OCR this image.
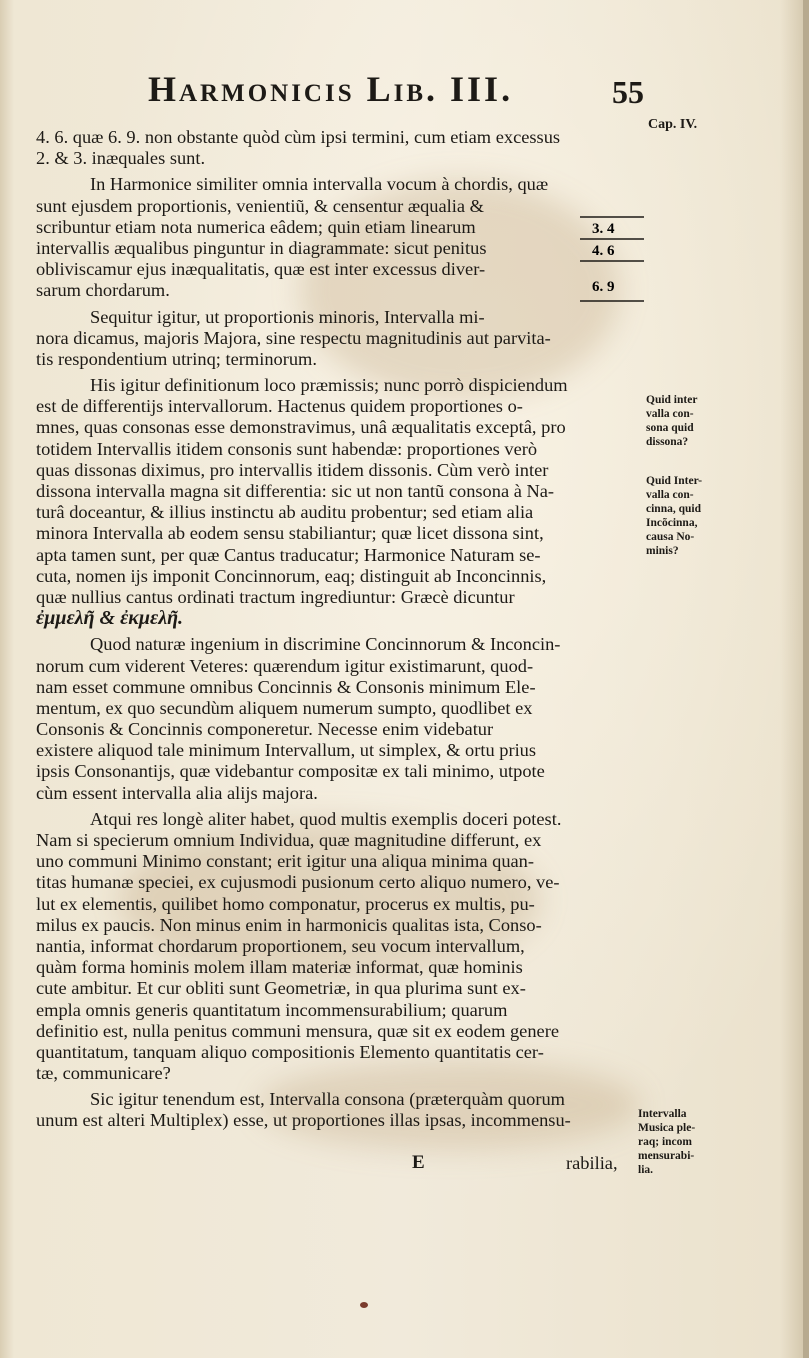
Harmonicis Lib. III.	55
Cap. IV.
4. 6. quæ 6. 9. non obstante quòd cùm ipsi termini, cum etiam excessus
2. & 3. inæquales sunt.
In Harmonice similiter omnia intervalla vocum à chordis, quæ
sunt ejusdem proportionis, venientiũ, & censentur æqualia &
scribuntur etiam nota numerica eâdem; quin etiam linearum
intervallis æqualibus pinguntur in diagrammate: sicut penitus
obliviscamur ejus inæqualitatis, quæ est inter excessus diver-
sarum chordarum.
Sequitur igitur, ut proportionis minoris, Intervalla mi-
nora dicamus, majoris Majora, sine respectu magnitudinis aut parvita-
tis respondentium utrinq; terminorum.
His igitur definitionum loco præmissis; nunc porrò dispiciendum
est de differentijs intervallorum. Hactenus quidem proportiones o-
mnes, quas consonas esse demonstravimus, unâ æqualitatis exceptâ, pro
totidem Intervallis itidem consonis sunt habendæ: proportiones verò
quas dissonas diximus, pro intervallis itidem dissonis. Cùm verò inter
dissona intervalla magna sit differentia: sic ut non tantũ consona à Na-
turâ doceantur, & illius instinctu ab auditu probentur; sed etiam alia
minora Intervalla ab eodem sensu stabiliantur; quæ licet dissona sint,
apta tamen sunt, per quæ Cantus traducatur; Harmonice Naturam se-
cuta, nomen ijs imponit Concinnorum, eaq; distinguit ab Inconcinnis,
quæ nullius cantus ordinati tractum ingrediuntur: Græcè dicuntur
ἐμμελῆ & ἐκμελῆ.
Quod naturæ ingenium in discrimine Concinnorum & Inconcin-
norum cum viderent Veteres: quærendum igitur existimarunt, quod-
nam esset commune omnibus Concinnis & Consonis minimum Ele-
mentum, ex quo secundùm aliquem numerum sumpto, quodlibet ex
Consonis & Concinnis componeretur. Necesse enim videbatur
existere aliquod tale minimum Intervallum, ut simplex, & ortu prius
ipsis Consonantijs, quæ videbantur compositæ ex tali minimo, utpote
cùm essent intervalla alia alijs majora.
Atqui res longè aliter habet, quod multis exemplis doceri potest.
Nam si specierum omnium Individua, quæ magnitudine differunt, ex
uno communi Minimo constant; erit igitur una aliqua minima quan-
titas humanæ speciei, ex cujusmodi pusionum certo aliquo numero, ve-
lut ex elementis, quilibet homo componatur, procerus ex multis, pu-
milus ex paucis. Non minus enim in harmonicis qualitas ista, Conso-
nantia, informat chordarum proportionem, seu vocum intervallum,
quàm forma hominis molem illam materiæ informat, quæ hominis
cute ambitur. Et cur obliti sunt Geometriæ, in qua plurima sunt ex-
empla omnis generis quantitatum incommensurabilium; quarum
definitio est, nulla penitus communi mensura, quæ sit ex eodem genere
quantitatum, tanquam aliquo compositionis Elemento quantitatis cer-
tæ, communicare?
Sic igitur tenendum est, Intervalla consona (præterquàm quorum
unum est alteri Multiplex) esse, ut proportiones illas ipsas, incommensu-
3. 4
4. 6
6. 9
Quid inter
valla con-
sona quid
dissona?
Quid Inter-
valla con-
cinna, quid
Incõcinna,
causa No-
minis?
Intervalla
Musica ple-
raq; incom
mensurabi-
lia.
E	rabilia,
